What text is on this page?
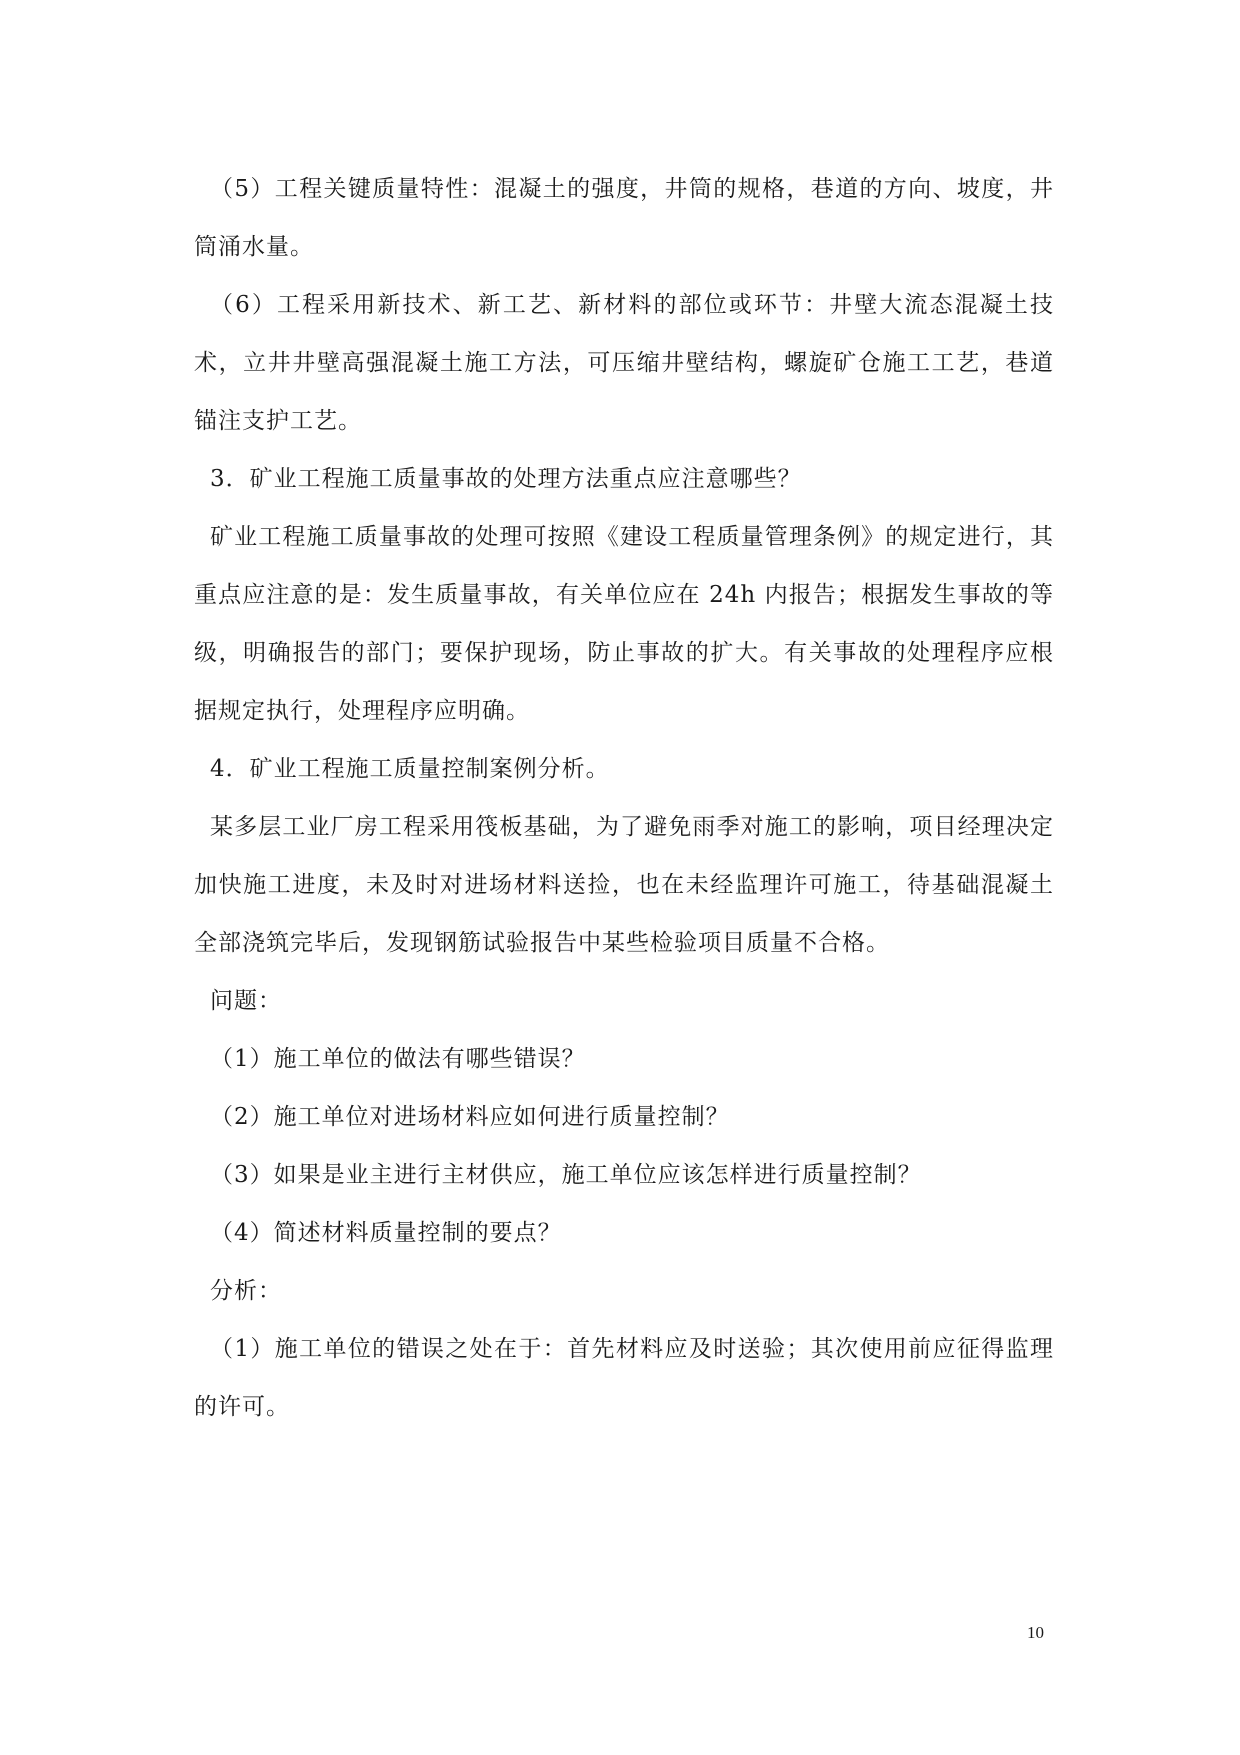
（5）工程关键质量特性：混凝土的强度，井筒的规格，巷道的方向、坡度，井筒涌水量。

（6）工程采用新技术、新工艺、新材料的部位或环节：井壁大流态混凝土技术，立井井壁高强混凝土施工方法，可压缩井壁结构，螺旋矿仓施工工艺，巷道锚注支护工艺。

3．矿业工程施工质量事故的处理方法重点应注意哪些？

矿业工程施工质量事故的处理可按照《建设工程质量管理条例》的规定进行，其重点应注意的是：发生质量事故，有关单位应在 24h 内报告；根据发生事故的等级，明确报告的部门；要保护现场，防止事故的扩大。有关事故的处理程序应根据规定执行，处理程序应明确。

4．矿业工程施工质量控制案例分析。

某多层工业厂房工程采用筏板基础，为了避免雨季对施工的影响，项目经理决定加快施工进度，未及时对进场材料送捡，也在未经监理许可施工，待基础混凝土全部浇筑完毕后，发现钢筋试验报告中某些检验项目质量不合格。

问题：

（1）施工单位的做法有哪些错误？

（2）施工单位对进场材料应如何进行质量控制？

（3）如果是业主进行主材供应，施工单位应该怎样进行质量控制？

（4）简述材料质量控制的要点？

分析：

（1）施工单位的错误之处在于：首先材料应及时送验；其次使用前应征得监理的许可。

10
